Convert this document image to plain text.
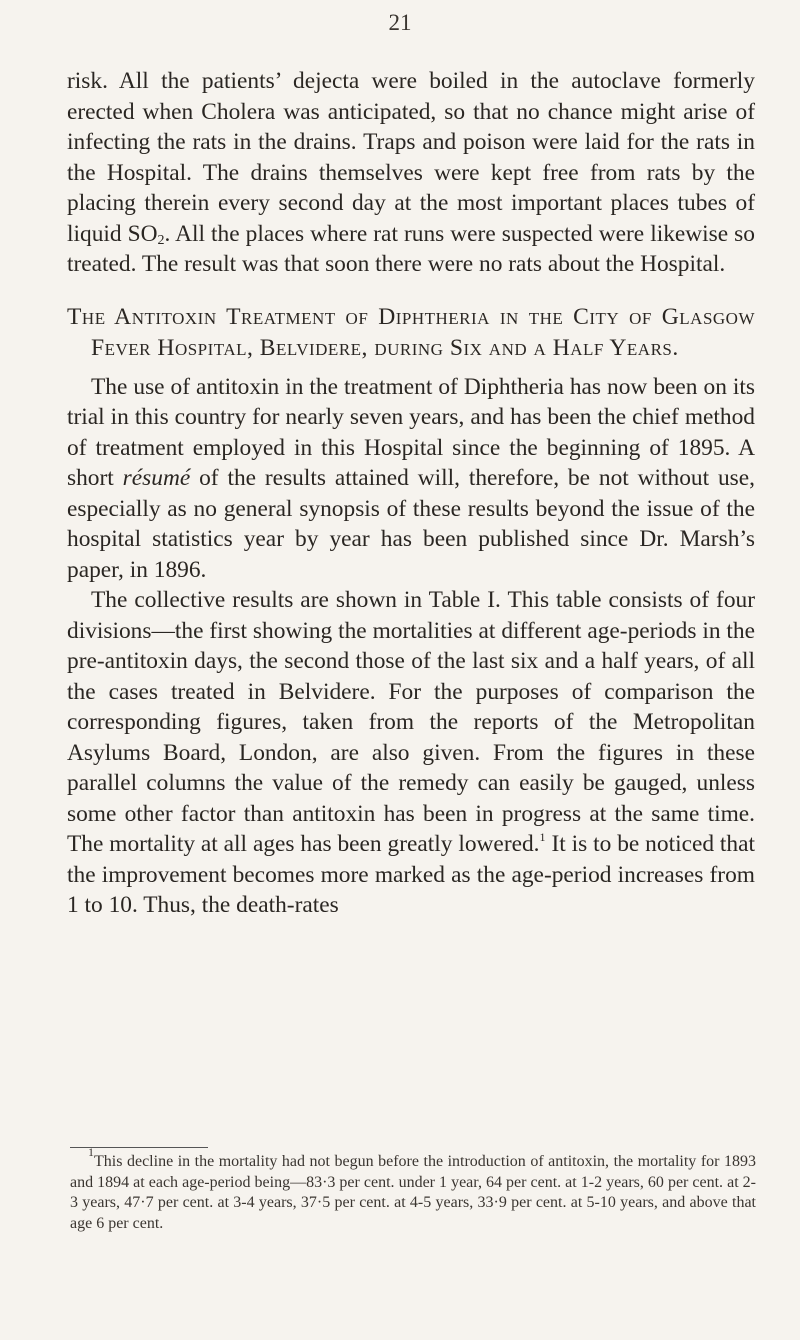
21

risk. All the patients’ dejecta were boiled in the autoclave formerly erected when Cholera was anticipated, so that no chance might arise of infecting the rats in the drains. Traps and poison were laid for the rats in the Hospital. The drains themselves were kept free from rats by the placing therein every second day at the most important places tubes of liquid $SO_2$. All the places where rat runs were suspected were likewise so treated. The result was that soon there were no rats about the Hospital.

The Antitoxin Treatment of Diphtheria in the City of Glasgow Fever Hospital, Belvidere, during Six and a Half Years.

The use of antitoxin in the treatment of Diphtheria has now been on its trial in this country for nearly seven years, and has been the chief method of treatment employed in this Hospital since the beginning of 1895. A short résumé of the results attained will, therefore, be not without use, especially as no general synopsis of these results beyond the issue of the hospital statistics year by year has been published since Dr. Marsh’s paper, in 1896.

The collective results are shown in Table I. This table consists of four divisions—the first showing the mortalities at different age-periods in the pre-antitoxin days, the second those of the last six and a half years, of all the cases treated in Belvidere. For the purposes of comparison the corresponding figures, taken from the reports of the Metropolitan Asylums Board, London, are also given. From the figures in these parallel columns the value of the remedy can easily be gauged, unless some other factor than antitoxin has been in progress at the same time. The mortality at all ages has been greatly lowered.$^1$ It is to be noticed that the improvement becomes more marked as the age-period increases from 1 to 10. Thus, the death-rates

$^1$This decline in the mortality had not begun before the introduction of antitoxin, the mortality for 1893 and 1894 at each age-period being—83·3 per cent. under 1 year, 64 per cent. at 1-2 years, 60 per cent. at 2-3 years, 47·7 per cent. at 3-4 years, 37·5 per cent. at 4-5 years, 33·9 per cent. at 5-10 years, and above that age 6 per cent.
